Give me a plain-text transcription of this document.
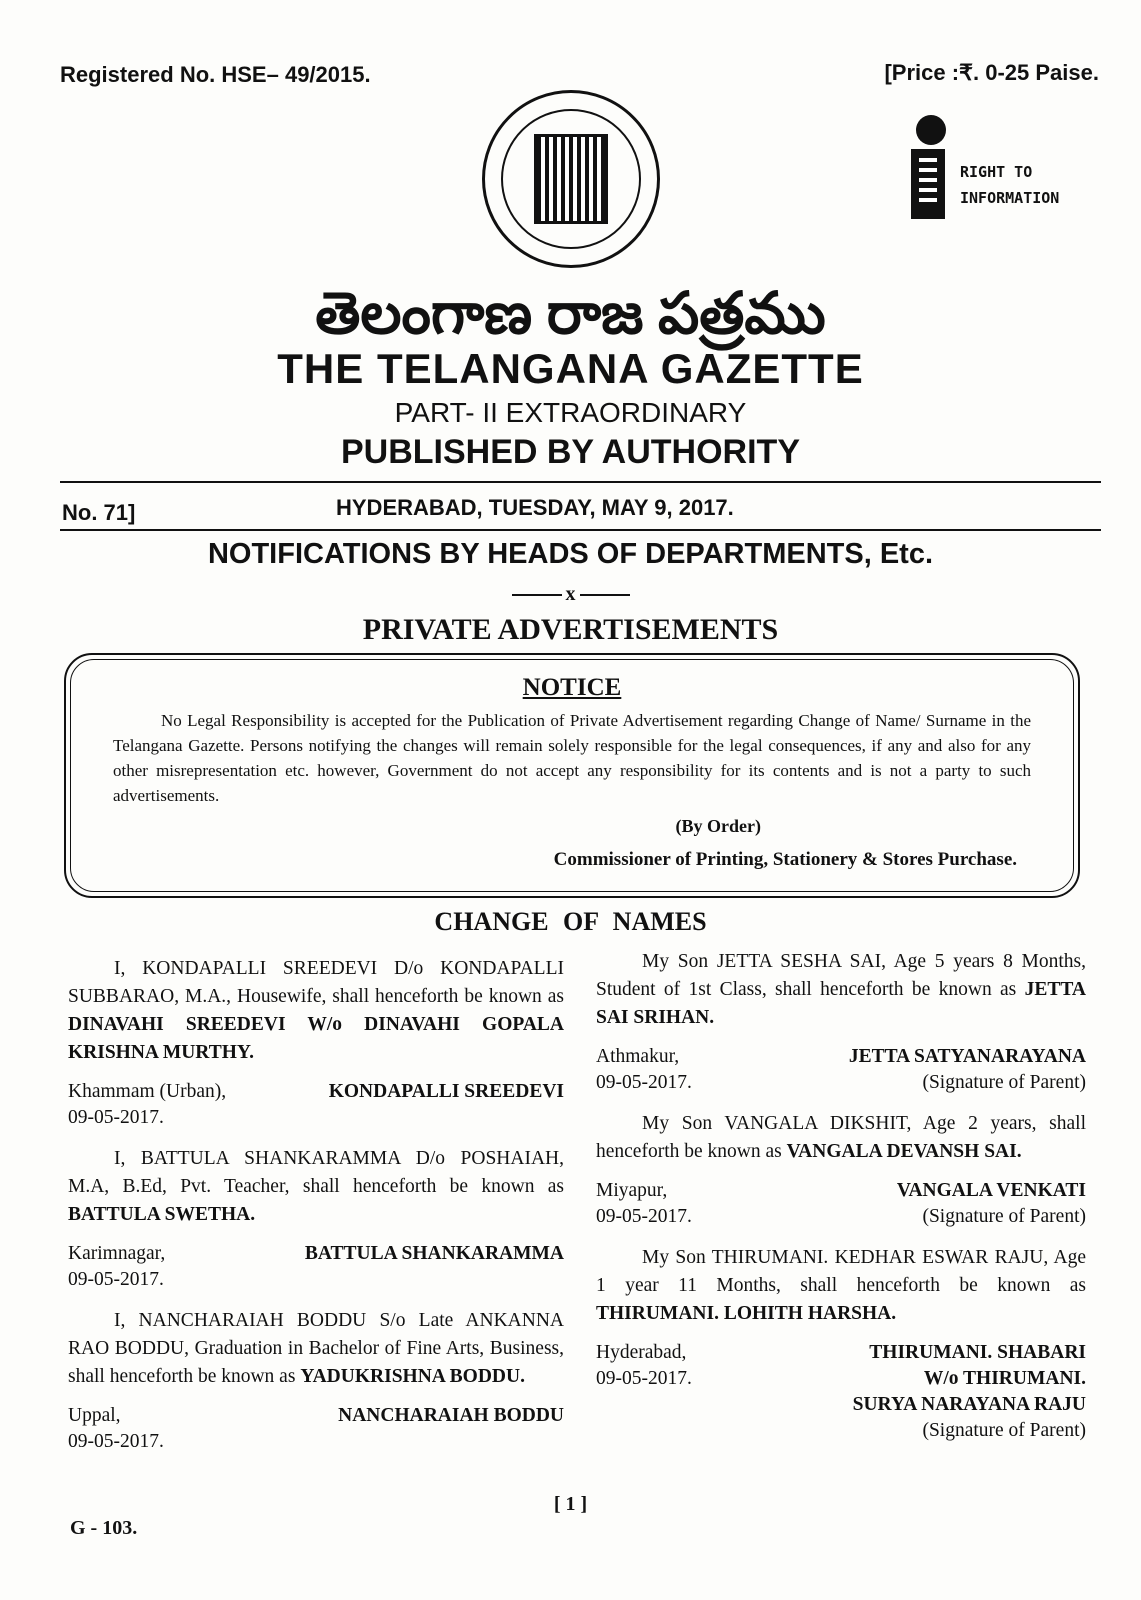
Registered No. HSE– 49/2015.	[Price :₹. 0-25 Paise.
RIGHT TO
INFORMATION
తెలంగాణ రాజ పత్రము
THE TELANGANA GAZETTE
PART- II EXTRAORDINARY
PUBLISHED BY AUTHORITY
No. 71]	HYDERABAD, TUESDAY, MAY 9, 2017.
NOTIFICATIONS BY HEADS OF DEPARTMENTS, Etc.
x
PRIVATE ADVERTISEMENTS
NOTICE

No Legal Responsibility is accepted for the Publication of Private Advertisement regarding Change of Name/ Surname in the Telangana Gazette. Persons notifying the changes will remain solely responsible for the legal consequences, if any and also for any other misrepresentation etc. however, Government do not accept any responsibility for its contents and is not a party to such advertisements.

(By Order)
Commissioner of Printing, Stationery & Stores Purchase.
CHANGE OF NAMES

I, KONDAPALLI SREEDEVI D/o KONDAPALLI SUBBARAO, M.A., Housewife, shall henceforth be known as DINAVAHI SREEDEVI W/o DINAVAHI GOPALA KRISHNA MURTHY.

Khammam (Urban),
09-05-2017.
KONDAPALLI SREEDEVI

I, BATTULA SHANKARAMMA D/o POSHAIAH, M.A, B.Ed, Pvt. Teacher, shall henceforth be known as BATTULA SWETHA.

Karimnagar,
09-05-2017.
BATTULA SHANKARAMMA

I, NANCHARAIAH BODDU S/o Late ANKANNA RAO BODDU, Graduation in Bachelor of Fine Arts, Business, shall henceforth be known as YADUKRISHNA BODDU.

Uppal,
09-05-2017.
NANCHARAIAH BODDU

My Son JETTA SESHA SAI, Age 5 years 8 Months, Student of 1st Class, shall henceforth be known as JETTA SAI SRIHAN.

Athmakur,
09-05-2017.
JETTA SATYANARAYANA
(Signature of Parent)

My Son VANGALA DIKSHIT, Age 2 years, shall henceforth be known as VANGALA DEVANSH SAI.

Miyapur,
09-05-2017.
VANGALA VENKATI
(Signature of Parent)

My Son THIRUMANI. KEDHAR ESWAR RAJU, Age 1 year 11 Months, shall henceforth be known as THIRUMANI. LOHITH HARSHA.

Hyderabad,
09-05-2017.
THIRUMANI. SHABARI
W/o THIRUMANI.
SURYA NARAYANA RAJU
(Signature of Parent)
[ 1 ]
G - 103.
